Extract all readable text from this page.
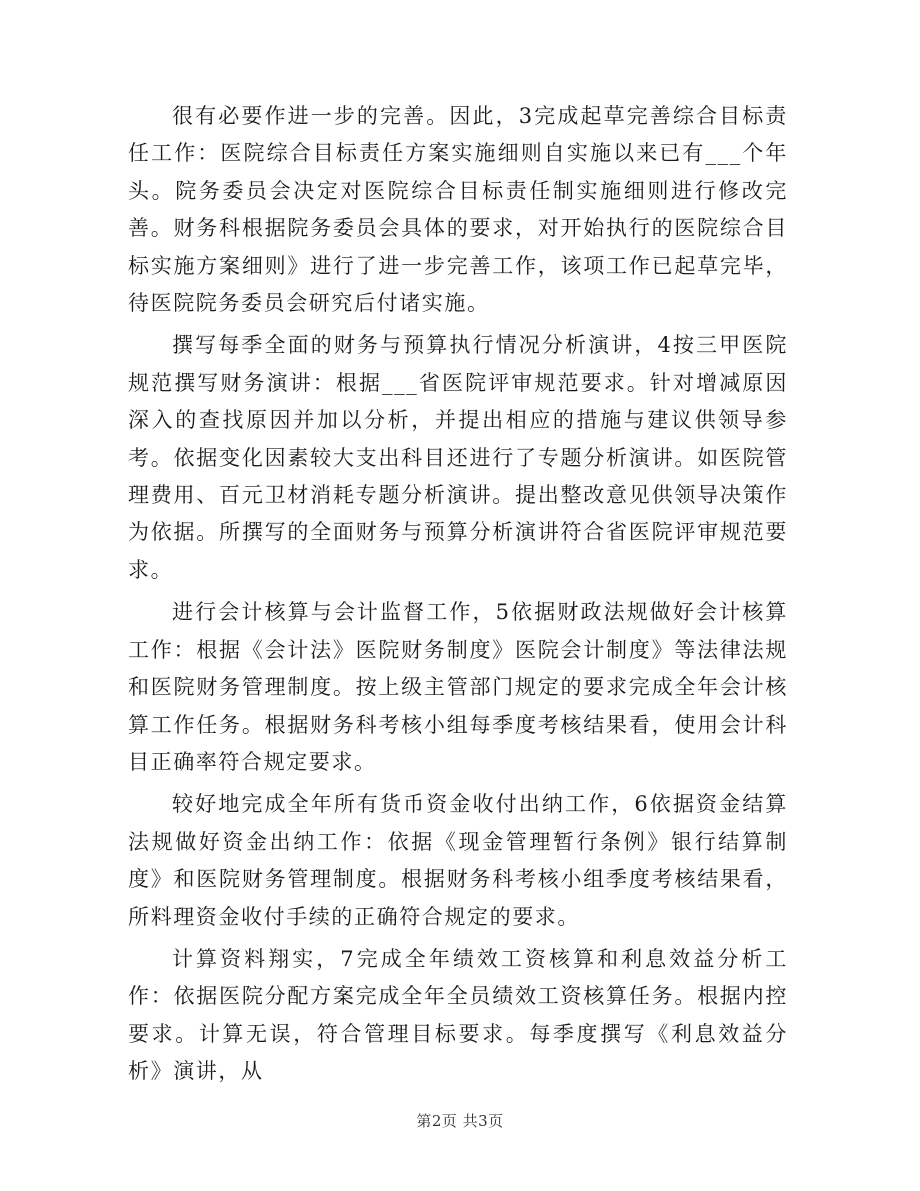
很有必要作进一步的完善。因此，3完成起草完善综合目标责任工作：医院综合目标责任方案实施细则自实施以来已有___个年头。院务委员会决定对医院综合目标责任制实施细则进行修改完善。财务科根据院务委员会具体的要求，对开始执行的医院综合目标实施方案细则》进行了进一步完善工作，该项工作已起草完毕，待医院院务委员会研究后付诸实施。

撰写每季全面的财务与预算执行情况分析演讲，4按三甲医院规范撰写财务演讲：根据___省医院评审规范要求。针对增减原因深入的查找原因并加以分析，并提出相应的措施与建议供领导参考。依据变化因素较大支出科目还进行了专题分析演讲。如医院管理费用、百元卫材消耗专题分析演讲。提出整改意见供领导决策作为依据。所撰写的全面财务与预算分析演讲符合省医院评审规范要求。

进行会计核算与会计监督工作，5依据财政法规做好会计核算工作：根据《会计法》医院财务制度》医院会计制度》等法律法规和医院财务管理制度。按上级主管部门规定的要求完成全年会计核算工作任务。根据财务科考核小组每季度考核结果看，使用会计科目正确率符合规定要求。

较好地完成全年所有货币资金收付出纳工作，6依据资金结算法规做好资金出纳工作：依据《现金管理暂行条例》银行结算制度》和医院财务管理制度。根据财务科考核小组季度考核结果看，所料理资金收付手续的正确符合规定的要求。

计算资料翔实，7完成全年绩效工资核算和利息效益分析工作：依据医院分配方案完成全年全员绩效工资核算任务。根据内控要求。计算无误，符合管理目标要求。每季度撰写《利息效益分析》演讲，从

第2页 共3页
